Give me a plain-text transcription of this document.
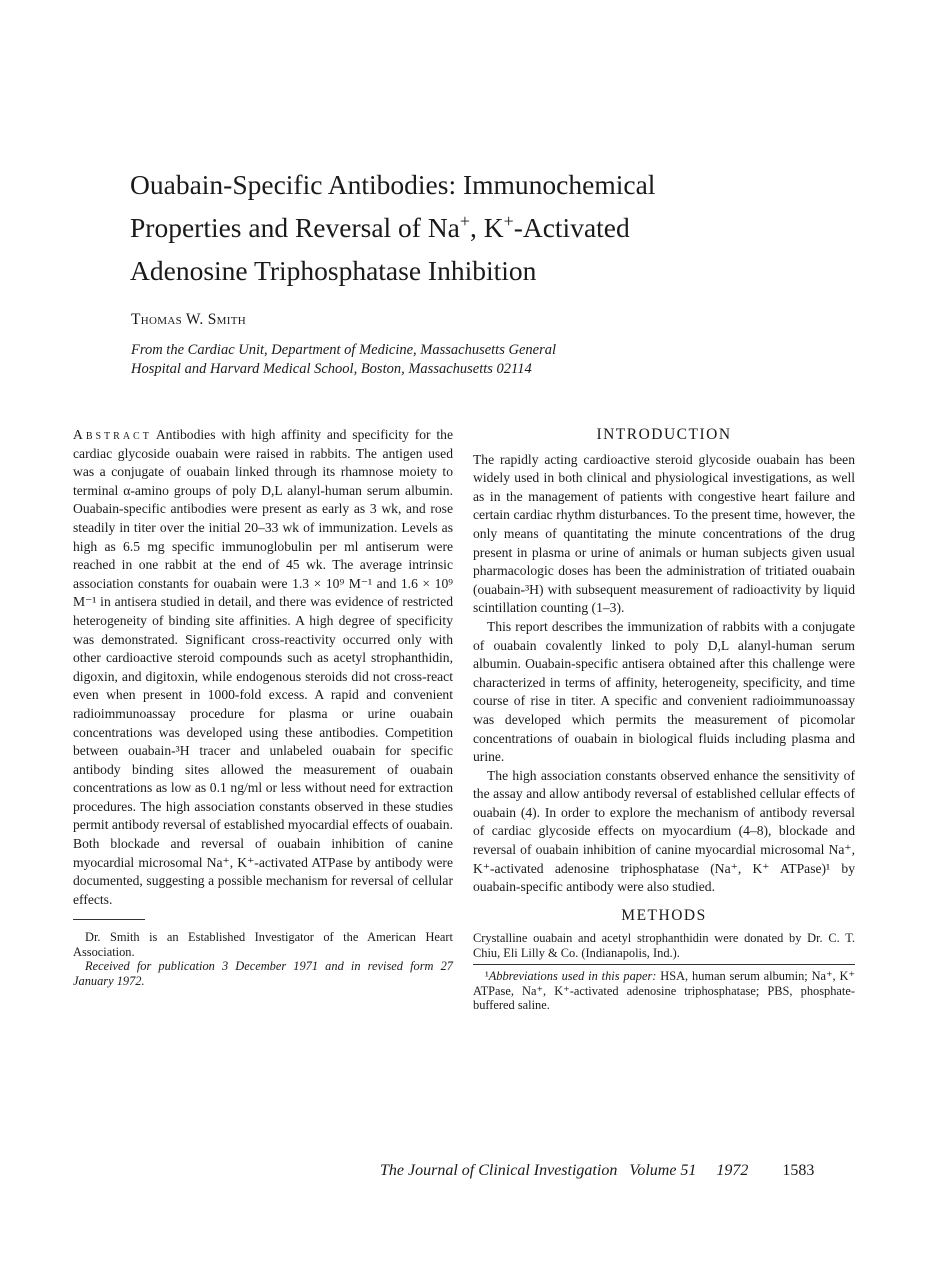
Ouabain-Specific Antibodies: Immunochemical
Properties and Reversal of Na+, K+-Activated
Adenosine Triphosphatase Inhibition
Thomas W. Smith
From the Cardiac Unit, Department of Medicine, Massachusetts General
Hospital and Harvard Medical School, Boston, Massachusetts 02114

Abstract Antibodies with high affinity and specificity for the cardiac glycoside ouabain were raised in rabbits. The antigen used was a conjugate of ouabain linked through its rhamnose moiety to terminal α-amino groups of poly D,L alanyl-human serum albumin. Ouabain-specific antibodies were present as early as 3 wk, and rose steadily in titer over the initial 20–33 wk of immunization. Levels as high as 6.5 mg specific immunoglobulin per ml antiserum were reached in one rabbit at the end of 45 wk. The average intrinsic association constants for ouabain were 1.3 × 10⁹ M⁻¹ and 1.6 × 10⁹ M⁻¹ in antisera studied in detail, and there was evidence of restricted heterogeneity of binding site affinities. A high degree of specificity was demonstrated. Significant cross-reactivity occurred only with other cardioactive steroid compounds such as acetyl strophanthidin, digoxin, and digitoxin, while endogenous steroids did not cross-react even when present in 1000-fold excess. A rapid and convenient radioimmunoassay procedure for plasma or urine ouabain concentrations was developed using these antibodies. Competition between ouabain-³H tracer and unlabeled ouabain for specific antibody binding sites allowed the measurement of ouabain concentrations as low as 0.1 ng/ml or less without need for extraction procedures. The high association constants observed in these studies permit antibody reversal of established myocardial effects of ouabain. Both blockade and reversal of ouabain inhibition of canine myocardial microsomal Na⁺, K⁺-activated ATPase by antibody were documented, suggesting a possible mechanism for reversal of cellular effects.

Dr. Smith is an Established Investigator of the American Heart Association.

Received for publication 3 December 1971 and in revised form 27 January 1972.

INTRODUCTION

The rapidly acting cardioactive steroid glycoside ouabain has been widely used in both clinical and physiological investigations, as well as in the management of patients with congestive heart failure and certain cardiac rhythm disturbances. To the present time, however, the only means of quantitating the minute concentrations of the drug present in plasma or urine of animals or human subjects given usual pharmacologic doses has been the administration of tritiated ouabain (ouabain-³H) with subsequent measurement of radioactivity by liquid scintillation counting (1–3).

This report describes the immunization of rabbits with a conjugate of ouabain covalently linked to poly D,L alanyl-human serum albumin. Ouabain-specific antisera obtained after this challenge were characterized in terms of affinity, heterogeneity, specificity, and time course of rise in titer. A specific and convenient radioimmunoassay was developed which permits the measurement of picomolar concentrations of ouabain in biological fluids including plasma and urine.

The high association constants observed enhance the sensitivity of the assay and allow antibody reversal of established cellular effects of ouabain (4). In order to explore the mechanism of antibody reversal of cardiac glycoside effects on myocardium (4–8), blockade and reversal of ouabain inhibition of canine myocardial microsomal Na⁺, K⁺-activated adenosine triphosphatase (Na⁺, K⁺ ATPase)¹ by ouabain-specific antibody were also studied.

METHODS

Crystalline ouabain and acetyl strophanthidin were donated by Dr. C. T. Chiu, Eli Lilly & Co. (Indianapolis, Ind.).

¹Abbreviations used in this paper: HSA, human serum albumin; Na⁺, K⁺ ATPase, Na⁺, K⁺-activated adenosine triphosphatase; PBS, phosphate-buffered saline.

The Journal of Clinical Investigation Volume 51 1972 1583
